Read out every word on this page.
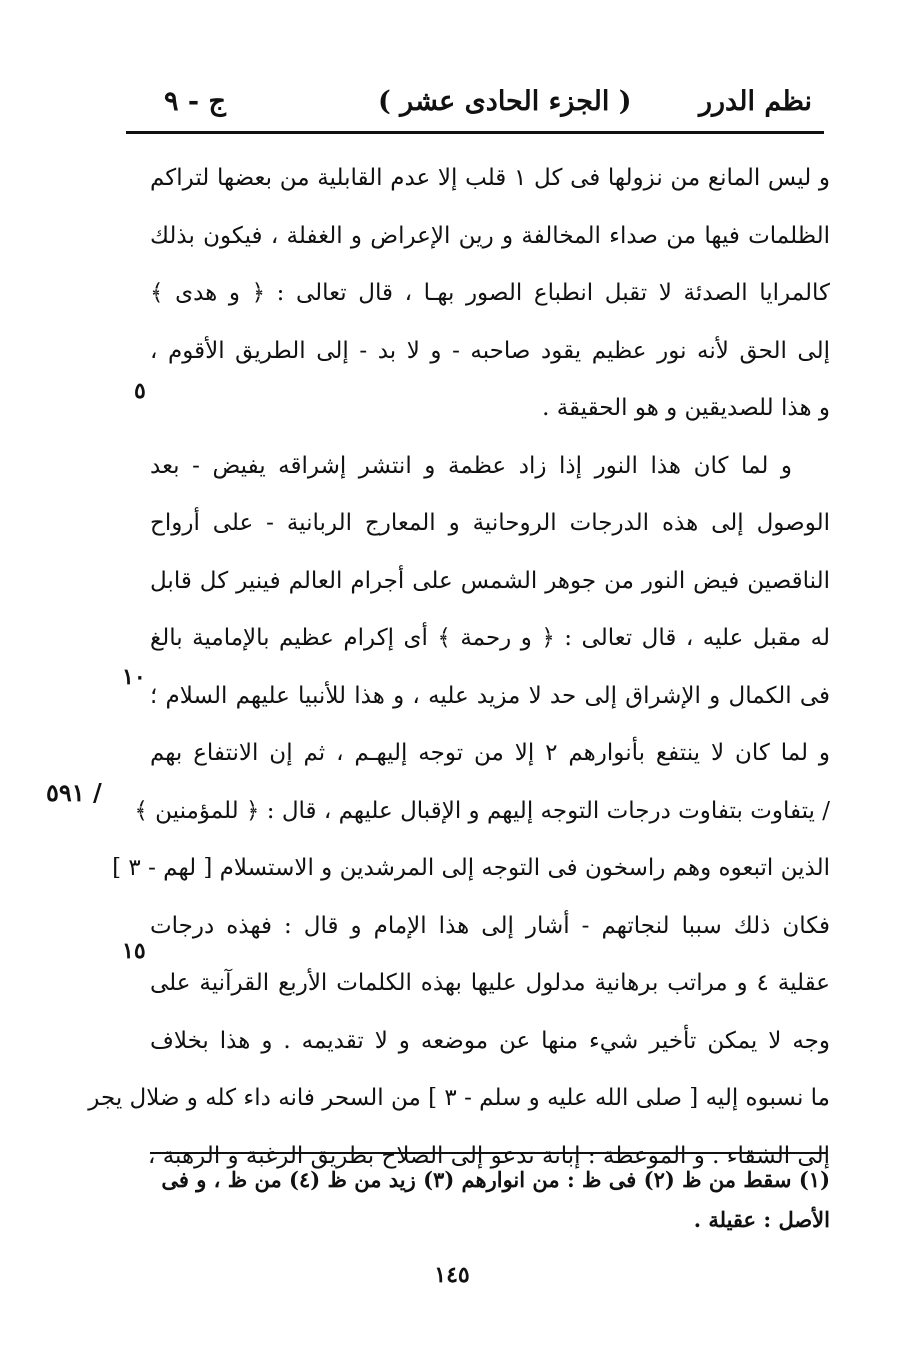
نظم الدرر
( الجزء الحادى عشر )
ج - ٩
و ليس المانع من نزولها فى كل ١ قلب إلا عدم القابلية من بعضها لتراكم
الظلمات فيها من صداء المخالفة و رين الإعراض و الغفلة ، فيكون بذلك
كالمرايا الصدئة لا تقبل انطباع الصور بهـا ، قال تعالى : ﴿ و هدى ﴾
إلى الحق لأنه نور عظيم يقود صاحبه - و لا بد - إلى الطريق الأقوم ،
و هذا للصديقين و هو الحقيقة .
و لما كان هذا النور إذا زاد عظمة و انتشر إشراقه يفيض - بعد
الوصول إلى هذه الدرجات الروحانية و المعارج الربانية - على أرواح
الناقصين فيض النور من جوهر الشمس على أجرام العالم فينير كل قابل
له مقبل عليه ، قال تعالى : ﴿ و رحمة ﴾ أى إكرام عظيم بالإمامية بالغ
فى الكمال و الإشراق إلى حد لا مزيد عليه ، و هذا للأنبيا عليهم السلام ؛
و لما كان لا ينتفع بأنوارهم ٢ إلا من توجه إليهـم ، ثم إن الانتفاع بهم
/ يتفاوت بتفاوت درجات التوجه إليهم و الإقبال عليهم ، قال : ﴿ للمؤمنين ﴾
الذين اتبعوه وهم راسخون فى التوجه إلى المرشدين و الاستسلام [ لهم - ٣ ]
فكان ذلك سببا لنجاتهم - أشار إلى هذا الإمام و قال : فهذه درجات
عقلية ٤ و مراتب برهانية مدلول عليها بهذه الكلمات الأربع القرآنية على
وجه لا يمكن تأخير شيء منها عن موضعه و لا تقديمه . و هذا بخلاف
ما نسبوه إليه [ صلى الله عليه و سلم - ٣ ] من السحر فانه داء كله و ضلال يجر
إلى الشقاء . و الموعظة : إبانة تدعو إلى الصلاح بطريق الرغبة و الرهبة ،
٥
١٠
١٥
/ ٥٩١
(١) سقط من ظ (٢) فى ظ : من انوارهم (٣) زيد من ظ (٤) من ظ ، و فى
الأصل : عقيلة .
١٤٥
